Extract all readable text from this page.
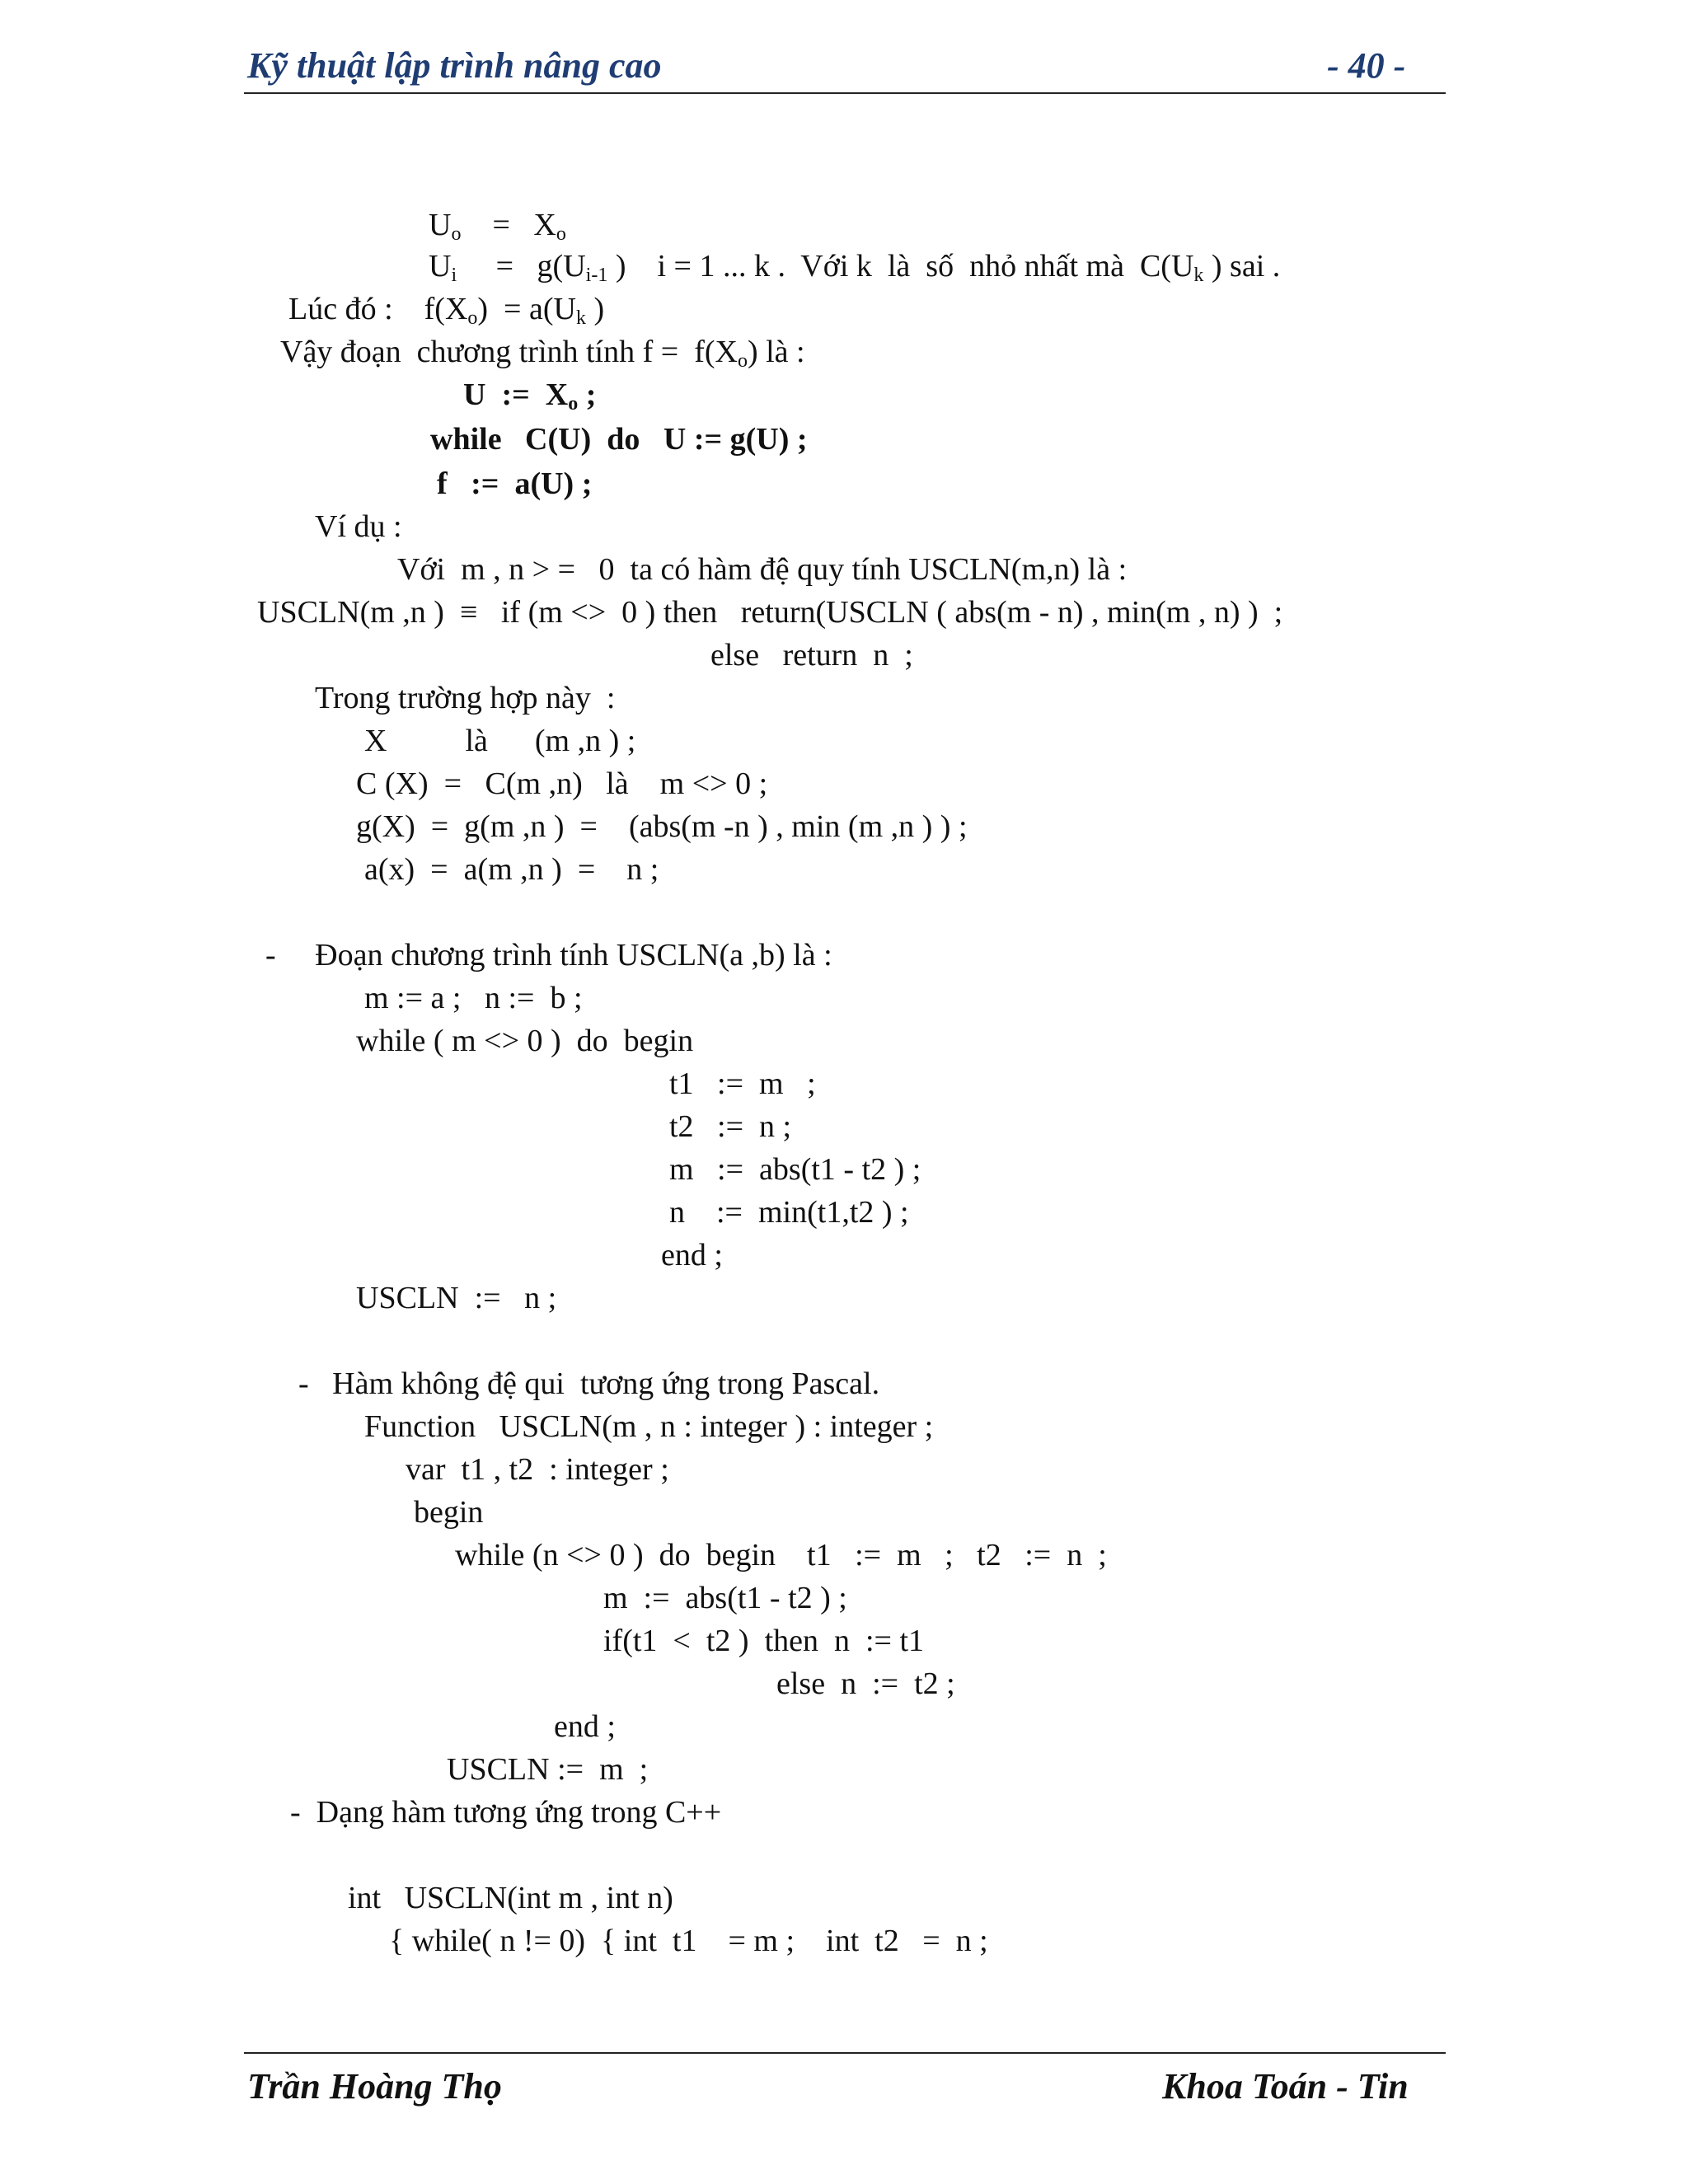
Kỹ thuật lập trình nâng cao	- 40 -
$U_o = X_o$
$U_i = g(U_{i-1}$ )    i = 1 ... k .  Với k  là  số  nhỏ nhất mà  $C(U_k$ ) sai .
Lúc đó :    $f(X_o) = a(U_k$ )
Vậy đoạn  chương trình tính $f = f(X_o)$ là :
U  :=  $X_o$ ;
while   C(U)  do   U := g(U) ;
f   :=  a(U) ;
Ví dụ :
Với  m , n > =   0  ta có hàm đệ quy tính USCLN(m,n) là :
USCLN(m ,n )  ≡   if (m <>  0 ) then   return(USCLN ( abs(m - n) , min(m , n) )  ;
else   return  n  ;
Trong trường hợp này  :
X          là      (m ,n ) ;
C (X)  =   C(m ,n)   là    m <> 0 ;
g(X)  =  g(m ,n )  =    (abs(m -n ) , min (m ,n ) ) ;
a(x)  =  a(m ,n )  =    n ;
-     Đoạn chương trình tính USCLN(a ,b) là :
m := a ;   n :=  b ;
while ( m <> 0 )  do  begin
t1   :=  m   ;
t2   :=  n ;
m   :=  abs(t1 - t2 ) ;
n    :=  min(t1,t2 ) ;
end ;
USCLN  :=   n ;
-   Hàm không đệ qui  tương ứng trong Pascal.
Function   USCLN(m , n : integer ) : integer ;
var  t1 , t2  : integer ;
begin
while (n <> 0 )  do  begin    t1   :=  m   ;   t2   :=  n  ;
m  :=  abs(t1 - t2 ) ;
if(t1  <  t2 )  then  n  := t1
else  n  :=  t2 ;
end ;
USCLN :=  m  ;
-  Dạng hàm tương ứng trong C++
int   USCLN(int m , int n)
{ while( n != 0)  { int  t1    = m ;    int  t2   =  n ;
Trần Hoàng Thọ	Khoa Toán - Tin
